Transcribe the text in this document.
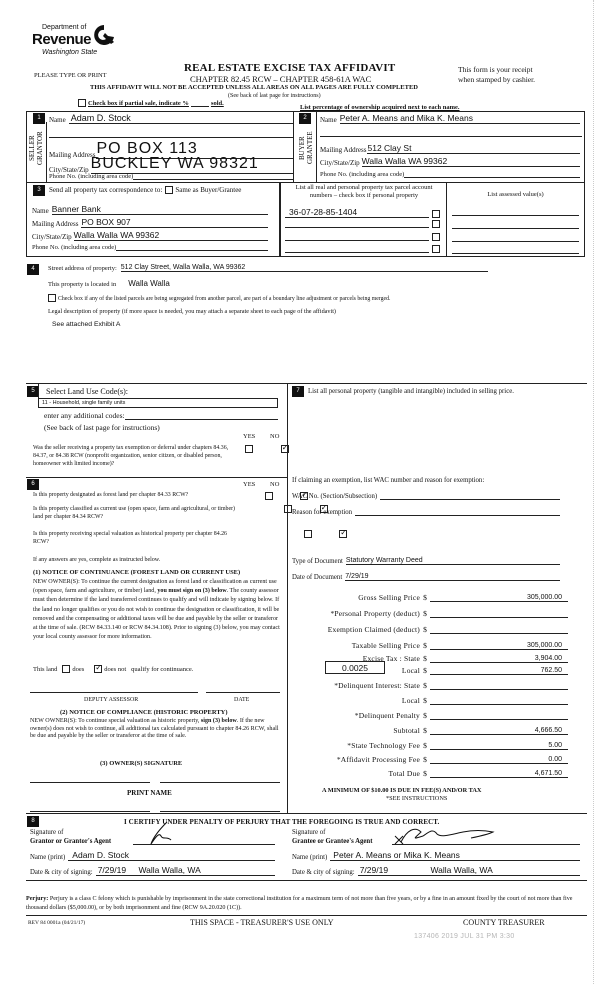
Department of
Revenue
Washington State
PLEASE TYPE OR PRINT
REAL ESTATE EXCISE TAX AFFIDAVIT
CHAPTER 82.45 RCW – CHAPTER 458-61A WAC
THIS AFFIDAVIT WILL NOT BE ACCEPTED UNLESS ALL AREAS ON ALL PAGES ARE FULLY COMPLETED
(See back of last page for instructions)
This form is your receipt
when stamped by cashier.
Check box if partial sale, indicate %	sold.
List percentage of ownership acquired next to each name.
1
SELLER
GRANTOR
Name Adam D. Stock
Mailing Address PO BOX 113
City/State/Zip BUCKLEY WA 98321
Phone No. (including area code)
2
BUYER
GRANTEE
Name Peter A. Means and Mika K. Means
Mailing Address 512 Clay St
City/State/Zip Walla Walla WA 99362
Phone No. (including area code)
3	Send all property tax correspondence to: Same as Buyer/Grantee
Name Banner Bank
Mailing Address PO BOX 907
City/State/Zip Walla Walla WA 99362
Phone No. (including area code)
List all real and personal property tax parcel account
numbers – check box if personal property	List assessed value(s)
36-07-28-85-1404
4	Street address of property: 512 Clay Street, Walla Walla, WA 99362
This property is located in Walla Walla
Check box if any of the listed parcels are being segregated from another parcel, are part of a boundary line adjustment or parcels being merged.
Legal description of property (if more space is needed, you may attach a separate sheet to each page of the affidavit)
See attached Exhibit A
5	Select Land Use Code(s):
11 - Household, single family units
enter any additional codes:
(See back of last page for instructions)
YES NO
Was the seller receiving a property tax exemption or deferral under chapters 84.36, 84.37, or 84.38 RCW (nonprofit organization, senior citizen, or disabled person, homeowner with limited income)?
✓
6	YES NO
Is this property designated as forest land per chapter 84.33 RCW?
✓
Is this property classified as current use (open space, farm and agricultural, or timber) land per chapter 84.34 RCW?
✓
Is this property receiving special valuation as historical property per chapter 84.26 RCW?
✓
If any answers are yes, complete as instructed below.
(1) NOTICE OF CONTINUANCE (FOREST LAND OR CURRENT USE)
NEW OWNER(S): To continue the current designation as forest land or classification as current use (open space, farm and agriculture, or timber) land, you must sign on (3) below. The county assessor must then determine if the land transferred continues to qualify and will indicate by signing below. If the land no longer qualifies or you do not wish to continue the designation or classification, it will be removed and the compensating or additional taxes will be due and payable by the seller or transferor at the time of sale. (RCW 84.33.140 or RCW 84.34.108). Prior to signing (3) below, you may contact your local county assessor for more information.
This land does ✓	does not qualify for continuance.
DEPUTY ASSESSOR	DATE
(2) NOTICE OF COMPLIANCE (HISTORIC PROPERTY)
NEW OWNER(S): To continue special valuation as historic property, sign (3) below. If the new owner(s) does not wish to continue, all additional tax calculated pursuant to chapter 84.26 RCW, shall be due and payable by the seller or transferor at the time of sale.
(3) OWNER(S) SIGNATURE
PRINT NAME
7	List all personal property (tangible and intangible) included in selling price.
If claiming an exemption, list WAC number and reason for exemption:
WAC No. (Section/Subsection)
Reason for exemption
Type of Document Statutory Warranty Deed
Date of Document 7/29/19
Gross Selling Price $	305,000.00
*Personal Property (deduct) $
Exemption Claimed (deduct) $
Taxable Selling Price $	305,000.00
Excise Tax : State $	3,904.00
0.0025	Local $	762.50
*Delinquent Interest: State $
Local $
*Delinquent Penalty $
Subtotal $	4,666.50
*State Technology Fee $	5.00
*Affidavit Processing Fee $	0.00
Total Due $	4,671.50
A MINIMUM OF $10.00 IS DUE IN FEE(S) AND/OR TAX
*SEE INSTRUCTIONS
8	I CERTIFY UNDER PENALTY OF PERJURY THAT THE FOREGOING IS TRUE AND CORRECT.
Signature of
Grantor or Grantor's Agent
Name (print) Adam D. Stock
Date & city of signing: 7/29/19 Walla Walla, WA
Signature of
Grantee or Grantee's Agent
Name (print) Peter A. Means or Mika K. Means
Date & city of signing: 7/29/19	Walla Walla, WA
Perjury: Perjury is a class C felony which is punishable by imprisonment in the state correctional institution for a maximum term of not more than five years, or by a fine in an amount fixed by the court of not more than five thousand dollars ($5,000.00), or by both imprisonment and fine (RCW 9A.20.020 (1C)).
REV 84 0001a (04/21/17)	THIS SPACE - TREASURER'S USE ONLY	COUNTY TREASURER
137406 2019 JUL 31 PM 3:30
